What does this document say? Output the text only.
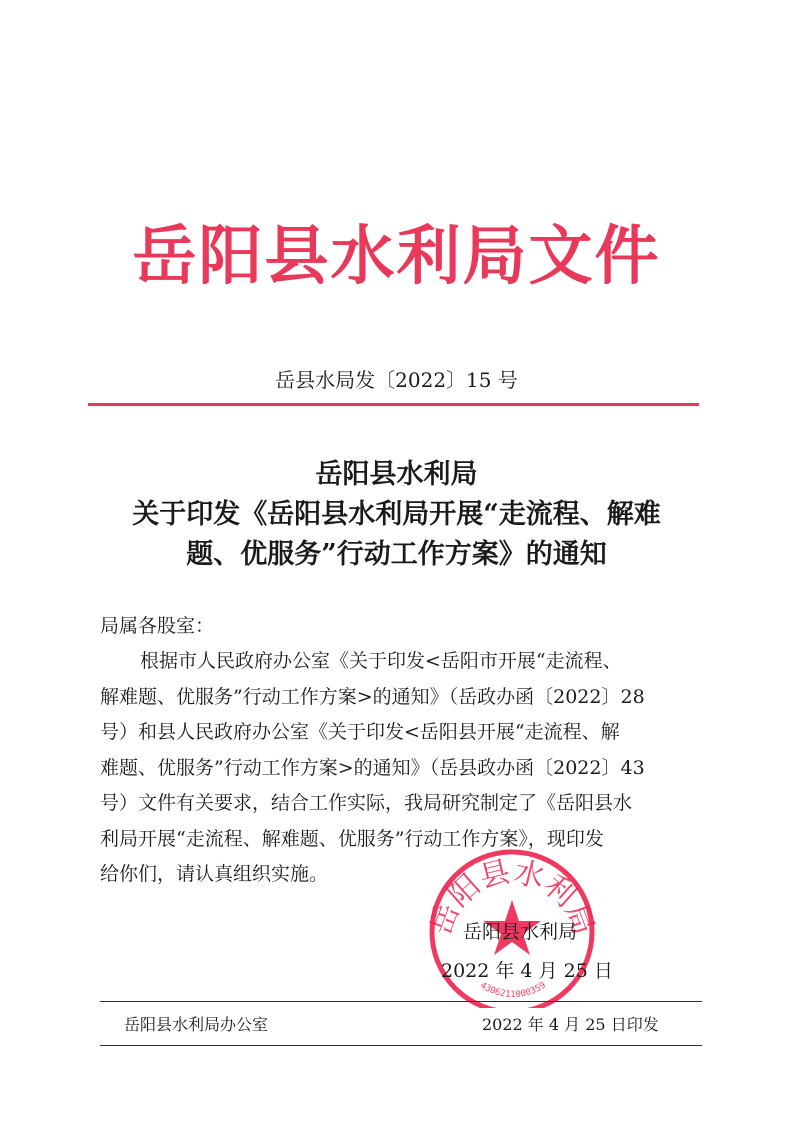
岳阳县水利局文件
岳县水局发〔2022〕15 号
岳阳县水利局
关于印发《岳阳县水利局开展“走流程、解难
题、优服务”行动工作方案》的通知
局属各股室：
根据市人民政府办公室《关于印发<岳阳市开展“走流程、
解难题、优服务”行动工作方案>的通知》（岳政办函〔2022〕28
号）和县人民政府办公室《关于印发<岳阳县开展“走流程、解
难题、优服务”行动工作方案>的通知》（岳县政办函〔2022〕43
号）文件有关要求，结合工作实际，我局研究制定了《岳阳县水
利局开展“走流程、解难题、优服务”行动工作方案》，现印发
给你们，请认真组织实施。
岳阳县水利局
4306211000359
岳阳县水利局
2022 年 4 月 25 日
岳阳县水利局办公室	2022 年 4 月 25 日印发
